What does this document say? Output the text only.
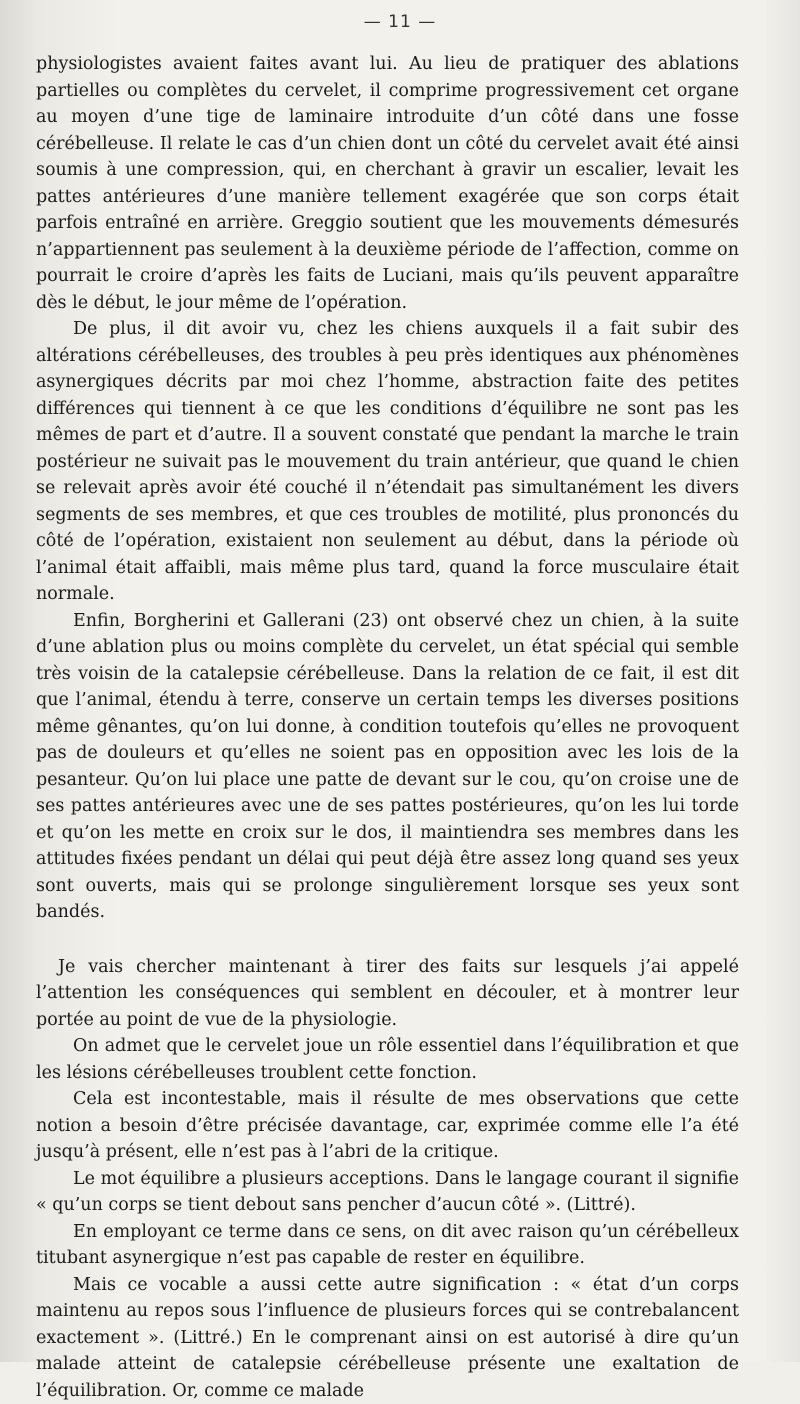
— 11 —

physiologistes avaient faites avant lui. Au lieu de pratiquer des ablations partielles ou complètes du cervelet, il comprime progressivement cet organe au moyen d’une tige de laminaire introduite d’un côté dans une fosse cérébelleuse. Il relate le cas d’un chien dont un côté du cervelet avait été ainsi soumis à une compression, qui, en cherchant à gravir un escalier, levait les pattes antérieures d’une manière tellement exagérée que son corps était parfois entraîné en arrière. Greggio soutient que les mouvements démesurés n’appartiennent pas seulement à la deuxième période de l’affection, comme on pourrait le croire d’après les faits de Luciani, mais qu’ils peuvent apparaître dès le début, le jour même de l’opération.

De plus, il dit avoir vu, chez les chiens auxquels il a fait subir des altérations cérébelleuses, des troubles à peu près identiques aux phénomènes asynergiques décrits par moi chez l’homme, abstraction faite des petites différences qui tiennent à ce que les conditions d’équilibre ne sont pas les mêmes de part et d’autre. Il a souvent constaté que pendant la marche le train postérieur ne suivait pas le mouvement du train antérieur, que quand le chien se relevait après avoir été couché il n’étendait pas simultanément les divers segments de ses membres, et que ces troubles de motilité, plus prononcés du côté de l’opération, existaient non seulement au début, dans la période où l’animal était affaibli, mais même plus tard, quand la force musculaire était normale.

Enfin, Borgherini et Gallerani (23) ont observé chez un chien, à la suite d’une ablation plus ou moins complète du cervelet, un état spécial qui semble très voisin de la catalepsie cérébelleuse. Dans la relation de ce fait, il est dit que l’animal, étendu à terre, conserve un certain temps les diverses positions même gênantes, qu’on lui donne, à condition toutefois qu’elles ne provoquent pas de douleurs et qu’elles ne soient pas en opposition avec les lois de la pesanteur. Qu’on lui place une patte de devant sur le cou, qu’on croise une de ses pattes antérieures avec une de ses pattes postérieures, qu’on les lui torde et qu’on les mette en croix sur le dos, il maintiendra ses membres dans les attitudes fixées pendant un délai qui peut déjà être assez long quand ses yeux sont ouverts, mais qui se prolonge singulièrement lorsque ses yeux sont bandés.

Je vais chercher maintenant à tirer des faits sur lesquels j’ai appelé l’attention les conséquences qui semblent en découler, et à montrer leur portée au point de vue de la physiologie.

On admet que le cervelet joue un rôle essentiel dans l’équilibration et que les lésions cérébelleuses troublent cette fonction.

Cela est incontestable, mais il résulte de mes observations que cette notion a besoin d’être précisée davantage, car, exprimée comme elle l’a été jusqu’à présent, elle n’est pas à l’abri de la critique.

Le mot équilibre a plusieurs acceptions. Dans le langage courant il signifie « qu’un corps se tient debout sans pencher d’aucun côté ». (Littré).

En employant ce terme dans ce sens, on dit avec raison qu’un cérébelleux titubant asynergique n’est pas capable de rester en équilibre.

Mais ce vocable a aussi cette autre signification : « état d’un corps maintenu au repos sous l’influence de plusieurs forces qui se contrebalancent exactement ». (Littré.) En le comprenant ainsi on est autorisé à dire qu’un malade atteint de catalepsie cérébelleuse présente une exaltation de l’équilibration. Or, comme ce malade
